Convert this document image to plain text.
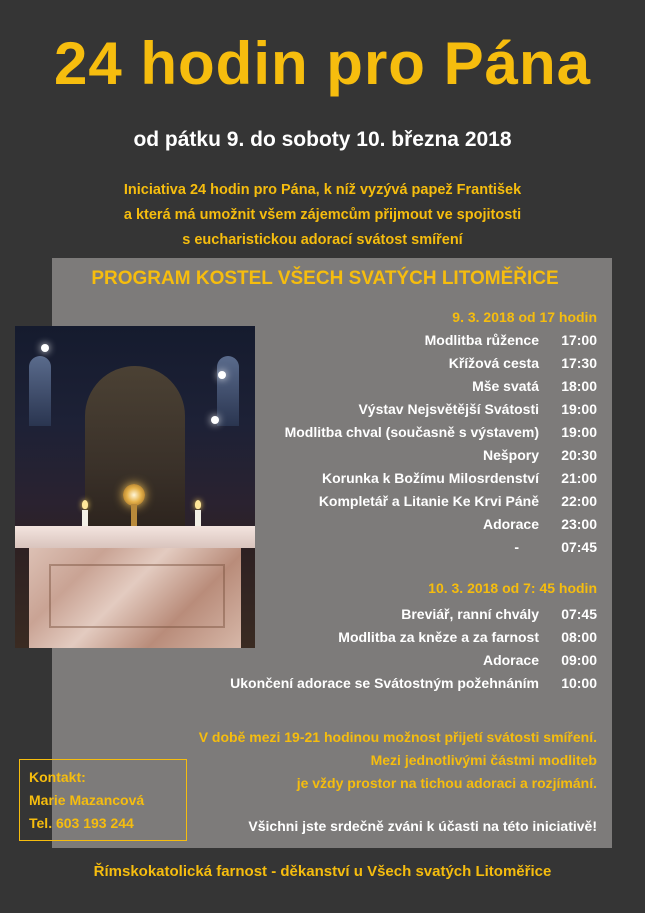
24 hodin pro Pána
od pátku 9. do soboty 10. března 2018
Iniciativa 24 hodin pro Pána, k níž vyzývá papež František
a která má umožnit všem zájemcům přijmout ve spojitosti
s eucharistickou adorací svátost smíření
PROGRAM KOSTEL VŠECH SVATÝCH LITOMĚŘICE
9. 3. 2018 od 17 hodin
Modlitba růžence	17:00
Křížová cesta	17:30
Mše svatá	18:00
Výstav Nejsvětější Svátosti	19:00
Modlitba chval (současně s výstavem)	19:00
Nešpory	20:30
Korunka k Božímu Milosrdenství	21:00
Kompletář a Litanie Ke Krvi Páně	22:00
Adorace	23:00
-	07:45
10. 3. 2018 od 7: 45 hodin
Breviář, ranní chvály	07:45
Modlitba za kněze a za farnost	08:00
Adorace	09:00
Ukončení adorace se Svátostným požehnáním	10:00
V době mezi 19-21 hodinou možnost přijetí svátosti smíření.
Mezi jednotlivými částmi modliteb
je vždy prostor na tichou adoraci a rozjímání.
Všichni jste srdečně zváni k účasti na této iniciativě!
Kontakt:
Marie Mazancová
Tel. 603 193 244
Římskokatolická farnost - děkanství u Všech svatých Litoměřice
